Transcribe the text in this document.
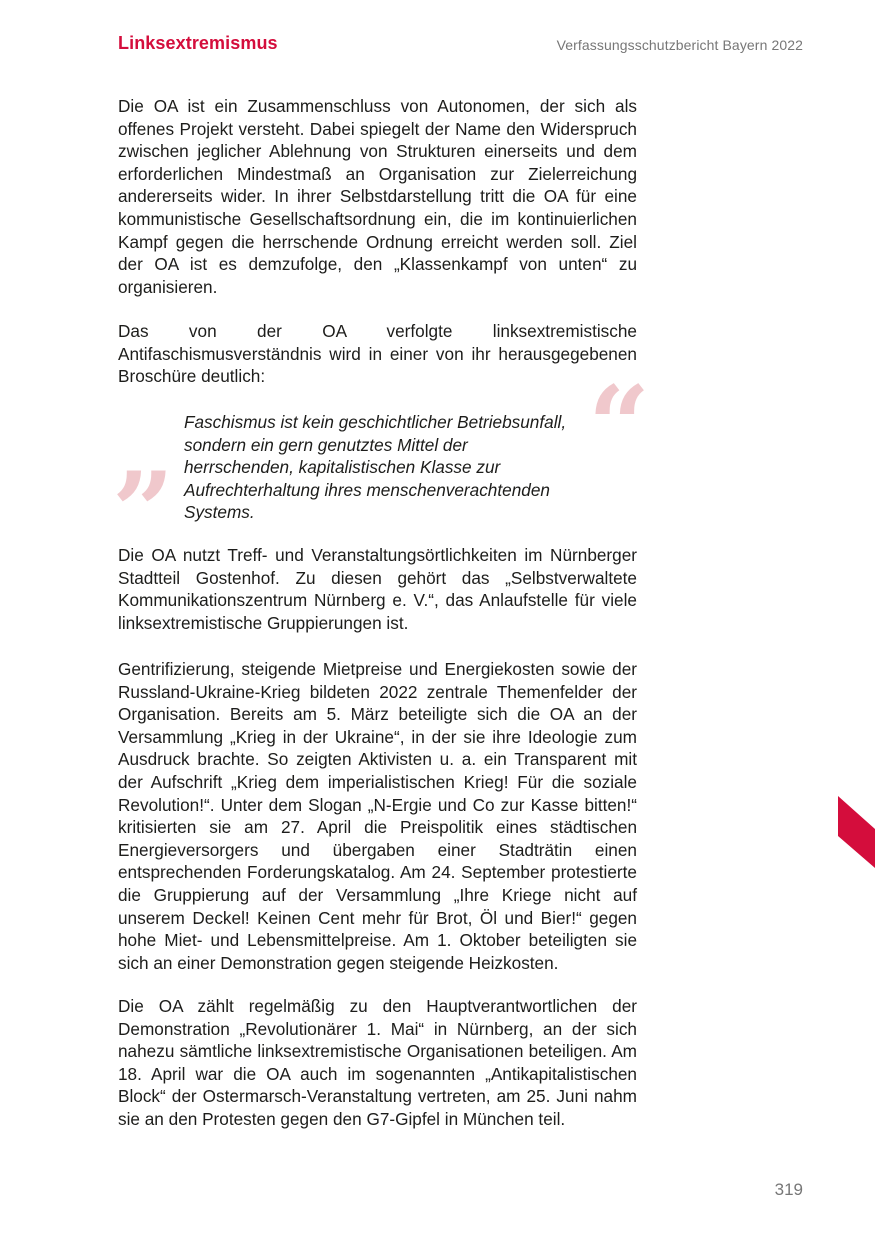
Linksextremismus	Verfassungsschutzbericht Bayern 2022

Die OA ist ein Zusammenschluss von Autonomen, der sich als offenes Projekt versteht. Dabei spiegelt der Name den Widerspruch zwischen jeglicher Ablehnung von Strukturen einerseits und dem erforderlichen Mindestmaß an Organisation zur Zielerreichung andererseits wider. In ihrer Selbstdarstellung tritt die OA für eine kommunistische Gesellschaftsordnung ein, die im kontinuierlichen Kampf gegen die herrschende Ordnung erreicht werden soll. Ziel der OA ist es demzufolge, den „Klassenkampf von unten“ zu organisieren.

Das von der OA verfolgte linksextremistische Antifaschismusverständnis wird in einer von ihr herausgegebenen Broschüre deutlich:	“

Faschismus ist kein geschichtlicher Betriebsunfall, sondern ein gern genutztes Mittel der herrschenden, kapitalistischen Klasse zur Aufrechterhaltung ihres menschenverachtenden Systems.

”

Die OA nutzt Treff- und Veranstaltungsörtlichkeiten im Nürnberger Stadtteil Gostenhof. Zu diesen gehört das „Selbstverwaltete Kommunikationszentrum Nürnberg e. V.“, das Anlaufstelle für viele linksextremistische Gruppierungen ist.

Gentrifizierung, steigende Mietpreise und Energiekosten sowie der Russland-Ukraine-Krieg bildeten 2022 zentrale Themenfelder der Organisation. Bereits am 5. März beteiligte sich die OA an der Versammlung „Krieg in der Ukraine“, in der sie ihre Ideologie zum Ausdruck brachte. So zeigten Aktivisten u. a. ein Transparent mit der Aufschrift „Krieg dem imperialistischen Krieg! Für die soziale Revolution!“. Unter dem Slogan „N-Ergie und Co zur Kasse bitten!“ kritisierten sie am 27. April die Preispolitik eines städtischen Energieversorgers und übergaben einer Stadträtin einen entsprechenden Forderungskatalog. Am 24. September protestierte die Gruppierung auf der Versammlung „Ihre Kriege nicht auf unserem Deckel! Keinen Cent mehr für Brot, Öl und Bier!“ gegen hohe Miet- und Lebensmittelpreise. Am 1. Oktober beteiligten sie sich an einer Demonstration gegen steigende Heizkosten.

Die OA zählt regelmäßig zu den Hauptverantwortlichen der Demonstration „Revolutionärer 1. Mai“ in Nürnberg, an der sich nahezu sämtliche linksextremistische Organisationen beteiligen. Am 18. April war die OA auch im sogenannten „Antikapitalistischen Block“ der Ostermarsch-Veranstaltung vertreten, am 25. Juni nahm sie an den Protesten gegen den G7-Gipfel in München teil.

319
